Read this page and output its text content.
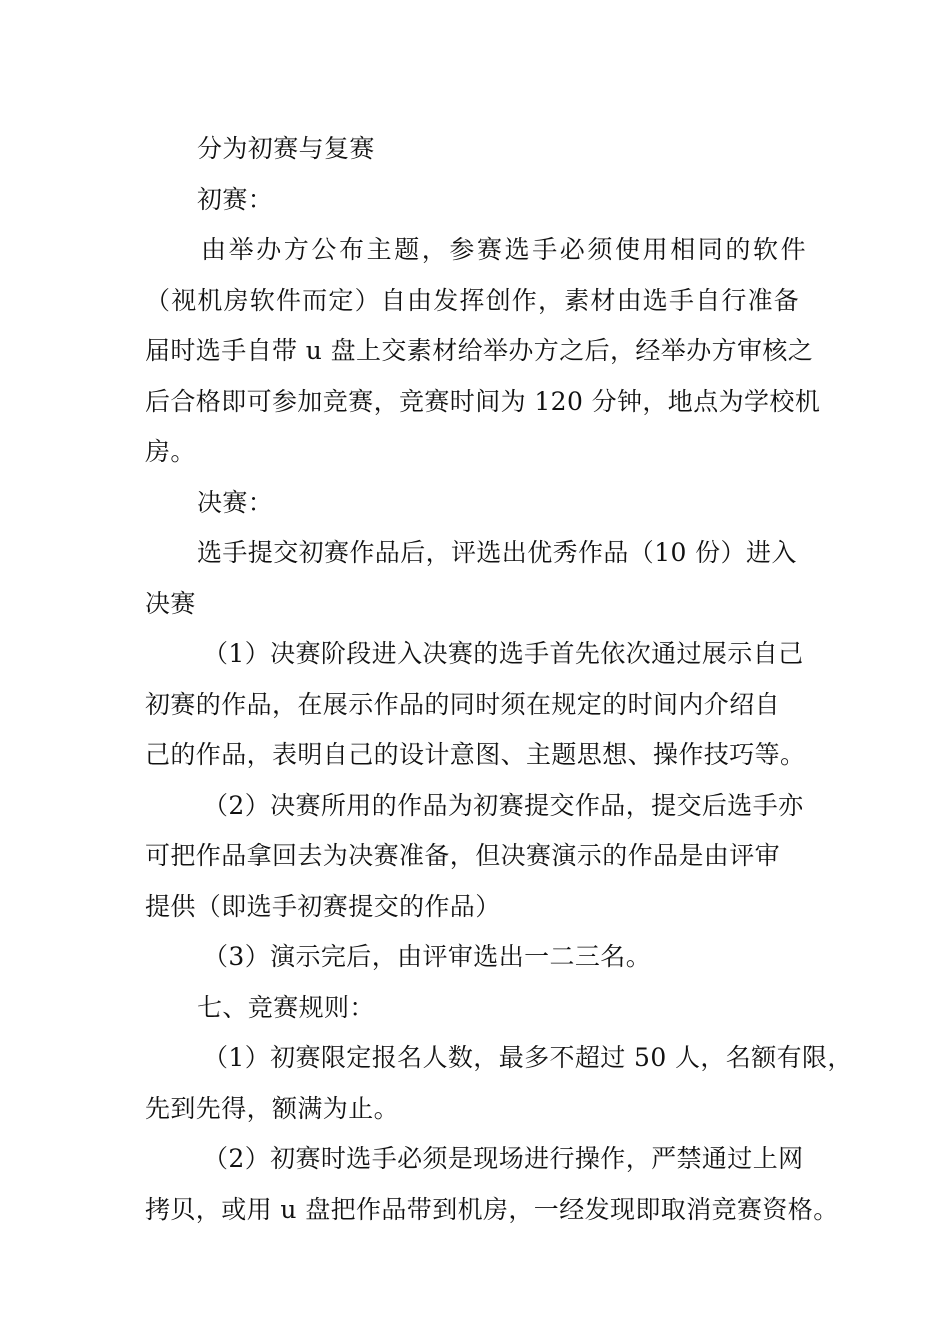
分为初赛与复赛
初赛：
由举办方公布主题，参赛选手必须使用相同的软件
（视机房软件而定）自由发挥创作，素材由选手自行准备
届时选手自带 u 盘上交素材给举办方之后，经举办方审核之
后合格即可参加竞赛，竞赛时间为 120 分钟，地点为学校机
房。
决赛：
选手提交初赛作品后，评选出优秀作品（10 份）进入
决赛
（1）决赛阶段进入决赛的选手首先依次通过展示自己
初赛的作品，在展示作品的同时须在规定的时间内介绍自
己的作品，表明自己的设计意图、主题思想、操作技巧等。
（2）决赛所用的作品为初赛提交作品，提交后选手亦
可把作品拿回去为决赛准备，但决赛演示的作品是由评审
提供（即选手初赛提交的作品）
（3）演示完后，由评审选出一二三名。
七、竞赛规则：
（1）初赛限定报名人数，最多不超过 50 人，名额有限，
先到先得，额满为止。
（2）初赛时选手必须是现场进行操作，严禁通过上网
拷贝，或用 u 盘把作品带到机房，一经发现即取消竞赛资格。
